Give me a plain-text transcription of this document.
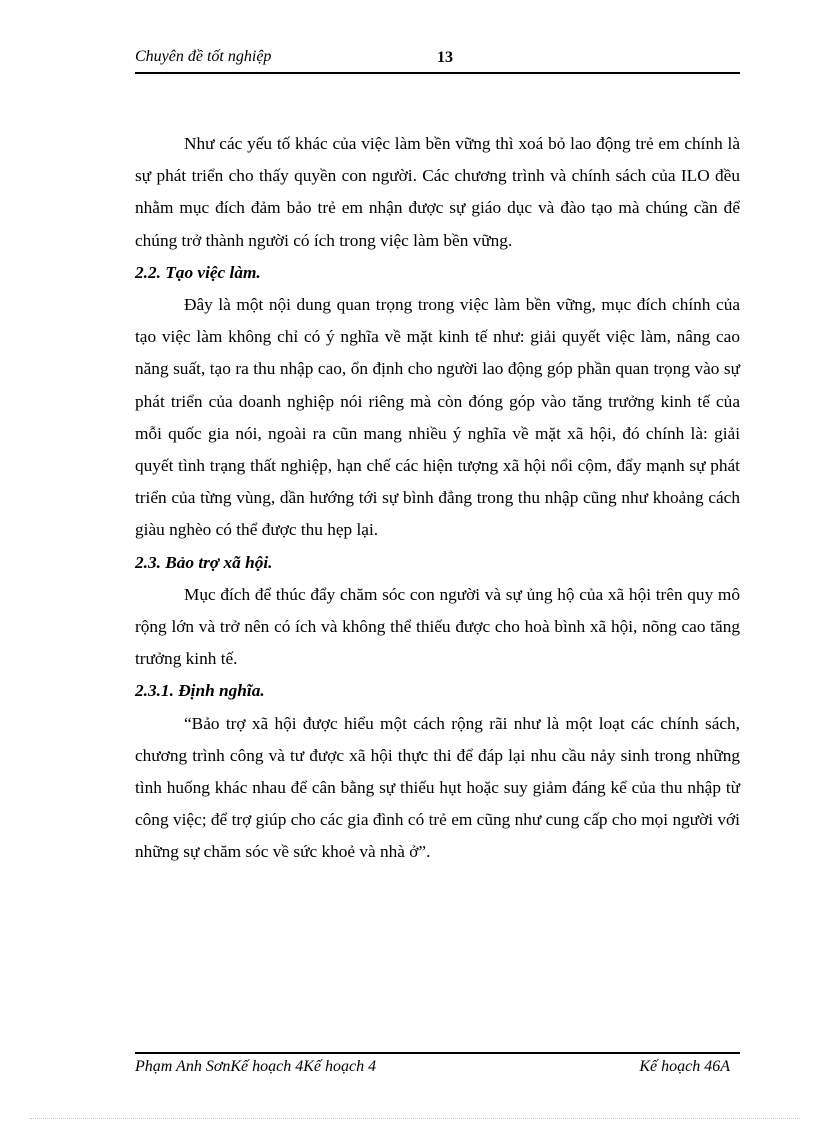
Chuyên đề tốt nghiệp	13

Như các yếu tố khác của việc làm bền vững thì xoá bỏ lao động trẻ em chính là sự phát triển cho thấy quyền con người. Các chương trình và chính sách của ILO đều nhằm mục đích đảm bảo trẻ em nhận được sự giáo dục và đào tạo mà chúng cần để chúng trở thành người có ích trong việc làm bền vững.

2.2. Tạo việc làm.

Đây là một nội dung quan trọng trong việc làm bền vững, mục đích chính của tạo việc làm không chỉ có ý nghĩa về mặt kinh tế như: giải quyết việc làm, nâng cao năng suất, tạo ra thu nhập cao, ổn định cho người lao động góp phần quan trọng vào sự phát triển của doanh nghiệp nói riêng mà còn đóng góp vào tăng trưởng kinh tế của mỗi quốc gia nói, ngoài ra cũn mang nhiều ý nghĩa về mặt xã hội, đó chính là: giải quyết tình trạng thất nghiệp, hạn chế các hiện tượng xã hội nổi cộm, đẩy mạnh sự phát triển của từng vùng, dần hướng tới sự bình đẳng trong thu nhập cũng như khoảng cách giàu nghèo có thể được thu hẹp lại.

2.3. Bảo trợ xã hội.

Mục đích để thúc đẩy chăm sóc con người và sự ủng hộ của xã hội trên quy mô rộng lớn và trở nên có ích và không thể thiếu được cho hoà bình xã hội, nõng cao tăng trưởng kinh tế.

2.3.1. Định nghĩa.

“Bảo trợ xã hội được hiểu một cách rộng rãi như là một loạt các chính sách, chương trình công và tư được xã hội thực thi để đáp lại nhu cầu nảy sinh trong những tình huống khác nhau để cân bằng sự thiếu hụt hoặc suy giảm đáng kể của thu nhập từ công việc; để trợ giúp cho các gia đình có trẻ em cũng như cung cấp cho mọi người với những sự chăm sóc về sức khoẻ và nhà ở”.

Phạm Anh SơnKế hoạch 4Kế hoạch 4	Kế hoạch 46A
